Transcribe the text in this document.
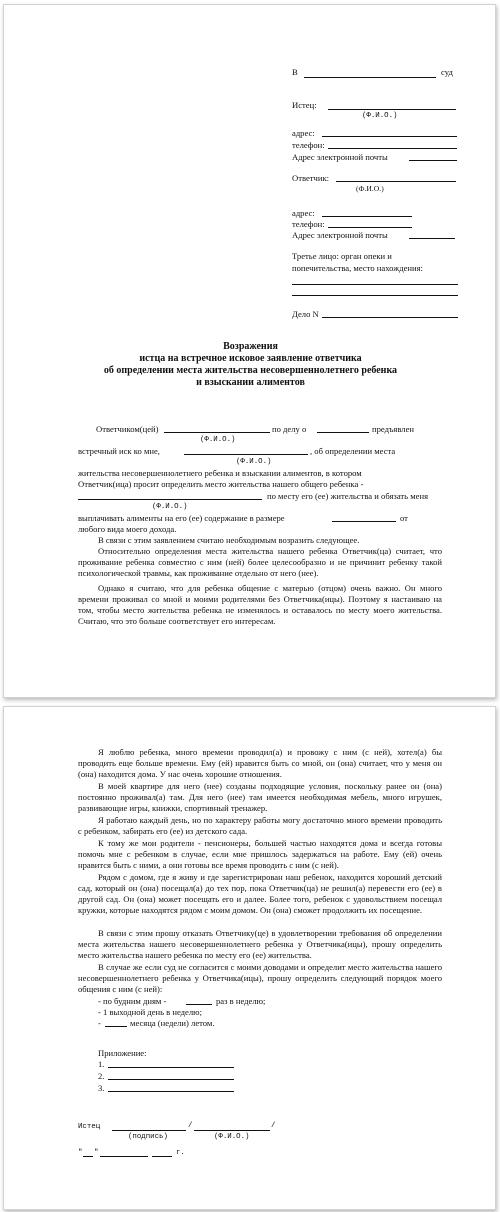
В	суд
Истец:
(Ф.И.О.)
адрес:
телефон:
Адрес электронной почты
Ответчик:
(Ф.И.О.)
адрес:
телефон:
Адрес электронной почты
Третье лицо: орган опеки и
попечительства, место нахождения:
Дело N
Возражения
истца на встречное исковое заявление ответчика
об определении места жительства несовершеннолетнего ребенка
и взыскании алиментов
Ответчиком(цей)	по делу о	предъявлен
(Ф.И.О.)
встречный иск ко мне,	, об определении места
(Ф.И.О.)
жительства несовершеннолетнего ребенка и взыскании алиментов, в котором
Ответчик(ица) просит определить место жительства нашего общего ребенка -
по месту его (ее) жительства и обязать меня
(Ф.И.О.)
выплачивать алименты на его (ее) содержание в размере	от
любого вида моего дохода.
В связи с этим заявлением считаю необходимым возразить следующее.
Относительно определения места жительства нашего ребенка Ответчик(ца) считает, что проживание ребенка совместно с ним (ней) более целесообразно и не причинит ребенку такой психологической травмы, как проживание отдельно от него (нее).
Однако я считаю, что для ребенка общение с матерью (отцом) очень важно. Он много времени проживал со мной и моими родителями без Ответчика(ицы). Поэтому я настаиваю на том, чтобы место жительства ребенка не изменялось и оставалось по месту моего жительства. Считаю, что это больше соответствует его интересам.
Я люблю ребенка, много времени проводил(а) и провожу с ним (с ней), хотел(а) бы проводить еще больше времени. Ему (ей) нравится быть со мной, он (она) считает, что у меня он (она) находится дома. У нас очень хорошие отношения.
В моей квартире для него (нее) созданы подходящие условия, поскольку ранее он (она) постоянно проживал(а) там. Для него (нее) там имеется необходимая мебель, много игрушек, развивающие игры, книжки, спортивный тренажер.
Я работаю каждый день, но по характеру работы могу достаточно много времени проводить с ребенком, забирать его (ее) из детского сада.
К тому же мои родители - пенсионеры, большей частью находятся дома и всегда готовы помочь мне с ребенком в случае, если мне пришлось задержаться на работе. Ему (ей) очень нравится быть с ними, а они готовы все время проводить с ним (с ней).
Рядом с домом, где я живу и где зарегистрирован наш ребенок, находится хороший детский сад, который он (она) посещал(а) до тех пор, пока Ответчик(ца) не решил(а) перевести его (ее) в другой сад. Он (она) может посещать его и далее. Более того, ребенок с удовольствием посещал кружки, которые находятся рядом с моим домом. Он (она) сможет продолжить их посещение.
В связи с этим прошу отказать Ответчику(це) в удовлетворении требования об определении места жительства нашего несовершеннолетнего ребенка у Ответчика(ицы), прошу определить место жительства нашего ребенка по месту его (ее) жительства.
В случае же если суд не согласится с моими доводами и определит место жительства нашего несовершеннолетнего ребенка у Ответчика(ицы), прошу определить следующий порядок моего общения с ним (с ней):
- по будним дням -	раз в неделю;
- 1 выходной день в неделю;
-	месяца (недели) летом.
Приложение:
1.
2.
3.
Истец	/	/
(подпись)	(Ф.И.О.)
" "	г.
